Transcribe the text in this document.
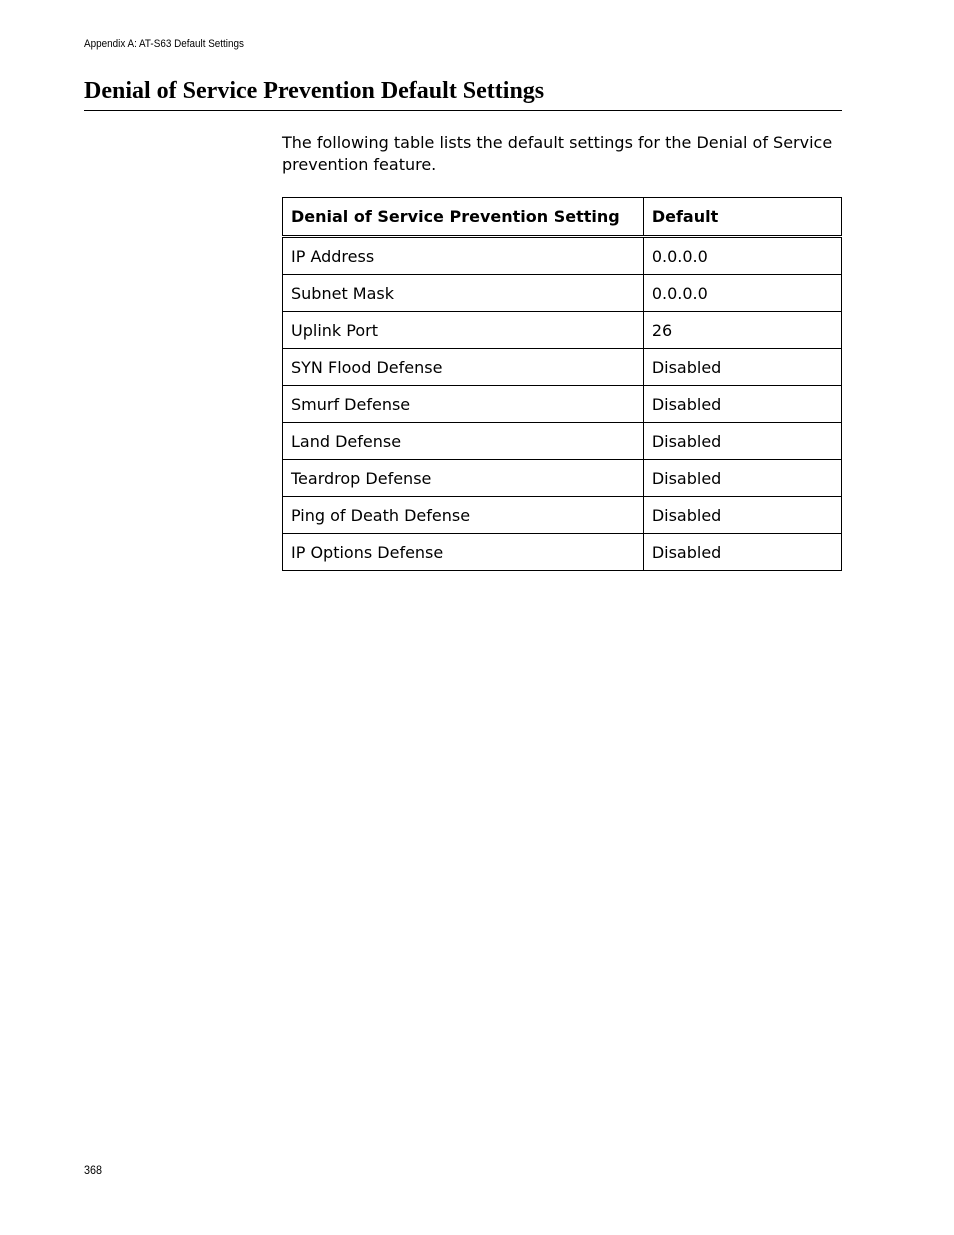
Appendix A: AT-S63 Default Settings
Denial of Service Prevention Default Settings

The following table lists the default settings for the Denial of Service prevention feature.

Denial of Service Prevention Setting	Default
IP Address	0.0.0.0
Subnet Mask	0.0.0.0
Uplink Port	26
SYN Flood Defense	Disabled
Smurf Defense	Disabled
Land Defense	Disabled
Teardrop Defense	Disabled
Ping of Death Defense	Disabled
IP Options Defense	Disabled
368
